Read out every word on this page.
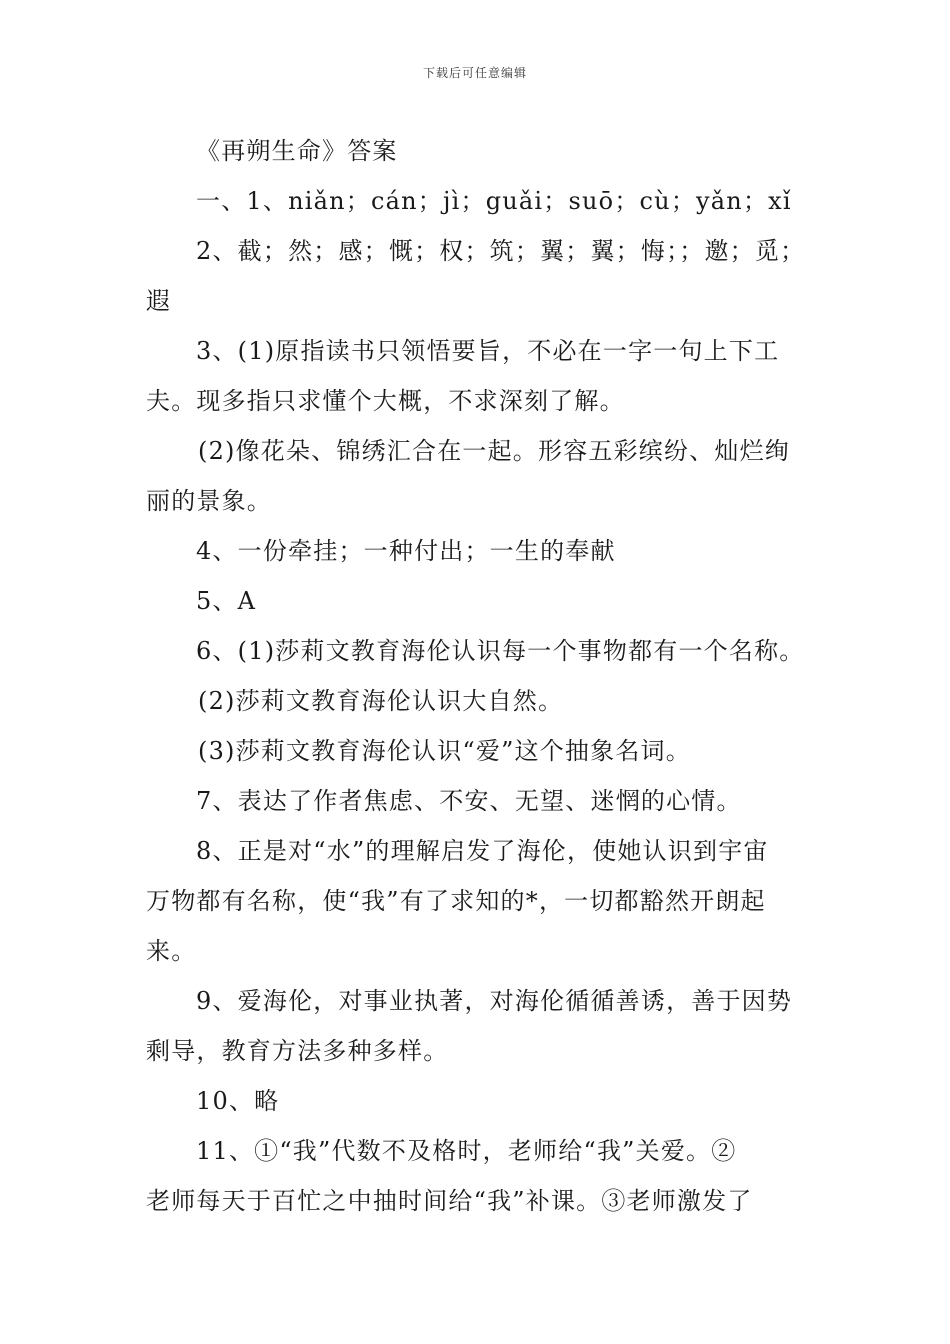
下载后可任意编辑
《再朔生命》答案
一、1、niǎn；cán；jì；guǎi；suō；cù；yǎn；xǐ
2、截；然；感；慨；权；筑；翼；翼；悔；；邀；觅；
遐
3、(1)原指读书只领悟要旨，不必在一字一句上下工
夫。现多指只求懂个大概，不求深刻了解。
(2)像花朵、锦绣汇合在一起。形容五彩缤纷、灿烂绚
丽的景象。
4、一份牵挂；一种付出；一生的奉献
5、A
6、(1)莎莉文教育海伦认识每一个事物都有一个名称。
(2)莎莉文教育海伦认识大自然。
(3)莎莉文教育海伦认识“爱”这个抽象名词。
7、表达了作者焦虑、不安、无望、迷惘的心情。
8、正是对“水”的理解启发了海伦，使她认识到宇宙
万物都有名称，使“我”有了求知的*，一切都豁然开朗起
来。
9、爱海伦，对事业执著，对海伦循循善诱，善于因势
剩导，教育方法多种多样。
10、略
11、①“我”代数不及格时，老师给“我”关爱。②
老师每天于百忙之中抽时间给“我”补课。③老师激发了
